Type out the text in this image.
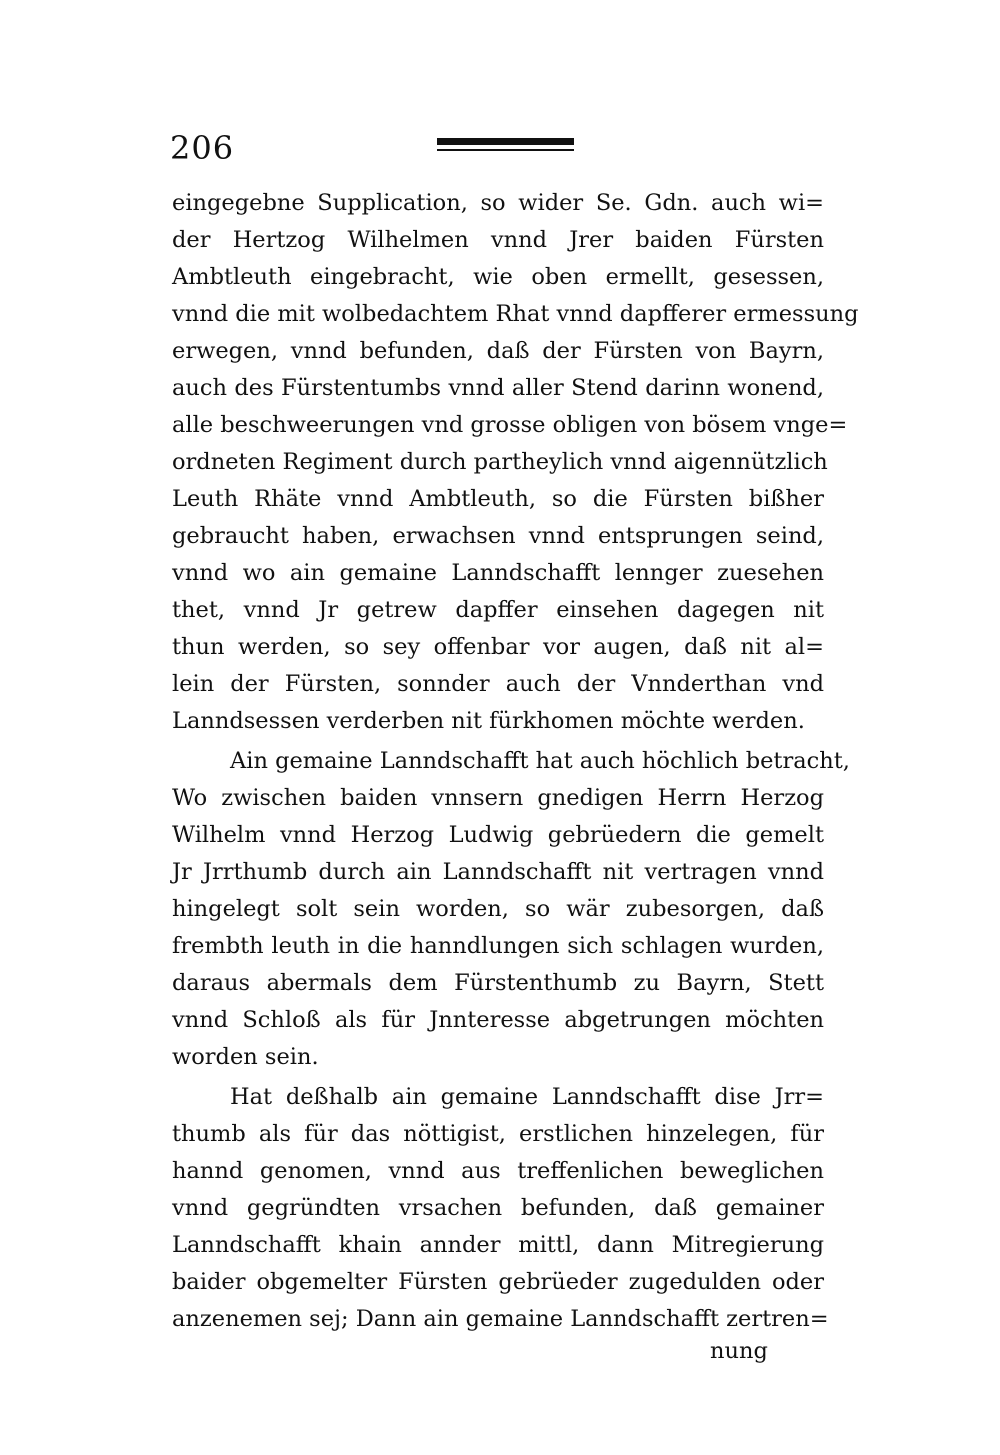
206
eingegebne Supplication, so wider Se. Gdn. auch wi=
der Hertzog Wilhelmen vnnd Jrer baiden Fürsten
Ambtleuth eingebracht, wie oben ermellt, gesessen,
vnnd die mit wolbedachtem Rhat vnnd dapfferer ermessung
erwegen, vnnd befunden, daß der Fürsten von Bayrn,
auch des Fürstentumbs vnnd aller Stend darinn wonend,
alle beschweerungen vnd grosse obligen von bösem vnge=
ordneten Regiment durch parthеylich vnnd aigennützlich
Leuth Rhäte vnnd Ambtleuth, so die Fürsten bißher
gebraucht haben, erwachsen vnnd entsprungen seind,
vnnd wo ain gemaine Lanndschafft lennger zuesehen
thet, vnnd Jr getrew dapffer einsehen dagegen nit
thun werden, so sey offenbar vor augen, daß nit al=
lein der Fürsten, sonnder auch der Vnnderthan vnd
Lanndsessen verderben nit fürkhomen möchte werden.
Ain gemaine Lanndschafft hat auch höchlich betracht,
Wo zwischen baiden vnnsern gnedigen Herrn Herzog
Wilhelm vnnd Herzog Ludwig gebrüedern die gemelt
Jr Jrrthumb durch ain Lanndschafft nit vertragen vnnd
hingelegt solt sein worden, so wär zubesorgen, daß
frembth leuth in die hanndlungen sich schlagen wurden,
daraus abermals dem Fürstenthumb zu Bayrn, Stett
vnnd Schloß als für Jnnteresse abgetrungen möchten
worden sein.
Hat deßhalb ain gemaine Lanndschafft dise Jrr=
thumb als für das nöttigist, erstlichen hinzelegen, für
hannd genomen, vnnd aus treffenlichen beweglichen
vnnd gegründten vrsachen befunden, daß gemainer
Lanndschafft khain annder mittl, dann Mitregierung
baider obgemelter Fürsten gebrüeder zugedulden oder
anzenemen sej; Dann ain gemaine Lanndschafft zertren=
nung
